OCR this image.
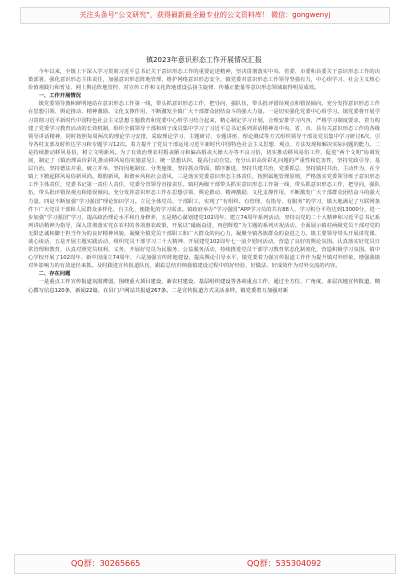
关注头条号“公文研究”，获得最新最全最专业的公文资料库！ 微信：gongwenyj
镇2023年意识形态工作开展情况汇报

今年以来，全镇上下深入学习贯彻习近平总书记关于意识形态工作的重要论述精神，坚决贯彻落实中央、省委、市委和县委关于意识形态工作的决策部署，强化意识形态主体责任，加强意识形态阵地管理，维护网络意识形态安全，镇党委对意识形态工作领导坚强有力，中心组学习、社会主义核心价值观践行和普及、网上舆论阵地管控、对宣传工作和文化阵地建设弘扬主旋律、传播正能量等意识形态领域取得明显成效。

一、工作开展情况

镇党委领导旗帜鲜明地站在意识形态工作第一线，带头抓意识形态工作，把导向、强队伍，带头批评错误观点和错误倾向。充分发挥意识形态工作在思想引领、舆论推动、精神激励、文化支撑作用，不断激发全镇广大干部群众团结奋斗的强大力量。一是切实强化党委中心组学习。镇党委将开展学习贯彻习近平新时代中国特色社会主义思想主题教育和党委中心组学习结合起来，精心制定学习计划，合理安排学习内容，严格学习制度要求，着力构建了党委学习教育活动的长效机制，组织全镇领导干部和班子成员集中学习了习近平总书记系列讲话精神及中央、省、市、县有关意识形态工作的各级领导讲话精神，同时按照每周两次的理论学习安排，采取理论学习、主题研讨、专题讲座、理论测试等方式组织领导干部及党员集中学习研讨6次，引导各村支部及时传达学习和专题学习12次。着力提升了党员干部运用习近平新时代中国特色社会主义思想、观点、方法发现和解决实际问题的能力。二是持续推动移风易俗，树立文明新风。为了有效治理农村婚丧陋习和偏高婚丧大操大办等不良习俗，切实推动移风易俗工作，促进“两个文明”协调发展，制定了《镇治理高价彩礼推动移风易俗实施意见》，统一思想认识，提高行动自觉。充分认识高价彩礼问题的严重性和危害性，坚持党政引导，基层自治，坚持德法并重，破立并举，坚持因地制宜、分类施策，坚持抓点带面，循序渐进，坚持共建共治，党委抓总、坚持镇村共治、主动作为，在全镇上下掀起移风易俗新风尚。婚假新风，和谐乡风和社会清风，三是落实党委意识形态主体责任，按照属地管理原则，严格落实党委领导班子意识形态工作主体责任，党委书记第一责任人责任，党委分管领导直接责任。镇村两级干部带头抓实意识形态工作第一线，带头抓意识形态工作，把导向，强队伍，带头批评错误观点和错误倾向。充分发挥意识形态工作在思想引领、舆论推动、精神激励、文化支撑作用，不断激发广大干部群众团结奋斗的强大力量。四是不断加强“学习强国”理论知识学习。立足全体党员、干部职工，实现了“有组织、有管理、有指导、有服务”的学习，镇大地满足了互联网条件下广大党员干部和人民群众多样化、自主化、便捷化的学习需求。镇政府举办“学习强国”APP学习员的共有88人，学习积分平均达到13000分，进一步加强“学习强国”学习，提高政治理论水平和自身修养，五是精心谋划建党102周年，建立74周年系列活动，坚持以党的二十大精神和习近平总书记系列讲话精神为指导，深入贯彻落实党在农村的各项惠农政策，开展以“砥砺奋进、再创辉煌”为主题的系列庆祝活动。全面展示镇村两级党员干部对党的无限忠诚和脚于担当作为的良好精神风貌，凝聚全镇党员干部职工和广大群众的向心力，凝聚全镇各族群众的奋进之力。镇主要领导带头开展讲党课、谈心谈话、五是开展主题实践活动，组织党员干部学习二十大精神、开展建党102周年七一前夕慰问活动，营造了良好的舆论氛围。认真落实好党员日常管理和教育，认真对照党员权利、义务，开展好党员为民服务、公益服务活动，持续推进党员干部学习教育常态化制度化，营造积极学习氛围。镇中心学校开展了102周年、新中国成立74周年，六是加强宣传阵地建设，提高舆论引导水平。镇党委着力强宣传报道工作作为提升镇对外形象，增强我镇对外影响力的有效途径来抓。及时跟进宣传报道队伍，跟踪总结归纳我镇建设过程中的好经验、好做法、好成效作为对外交流的内容。

二、存在问题

一是重点工作宣传报道氛围薄弱，围绕重大项目建设、新农村建设、基层组织建设等各项重点工作，通过全方位、广角度、多层次地宣传报道，精心撰写信息120条，新闻22篇，在县门户网站共报道267条。二是宣传报道方式灵活多样。镇党委着力加强对新

QQ群：30265665	QQ群：535304092
